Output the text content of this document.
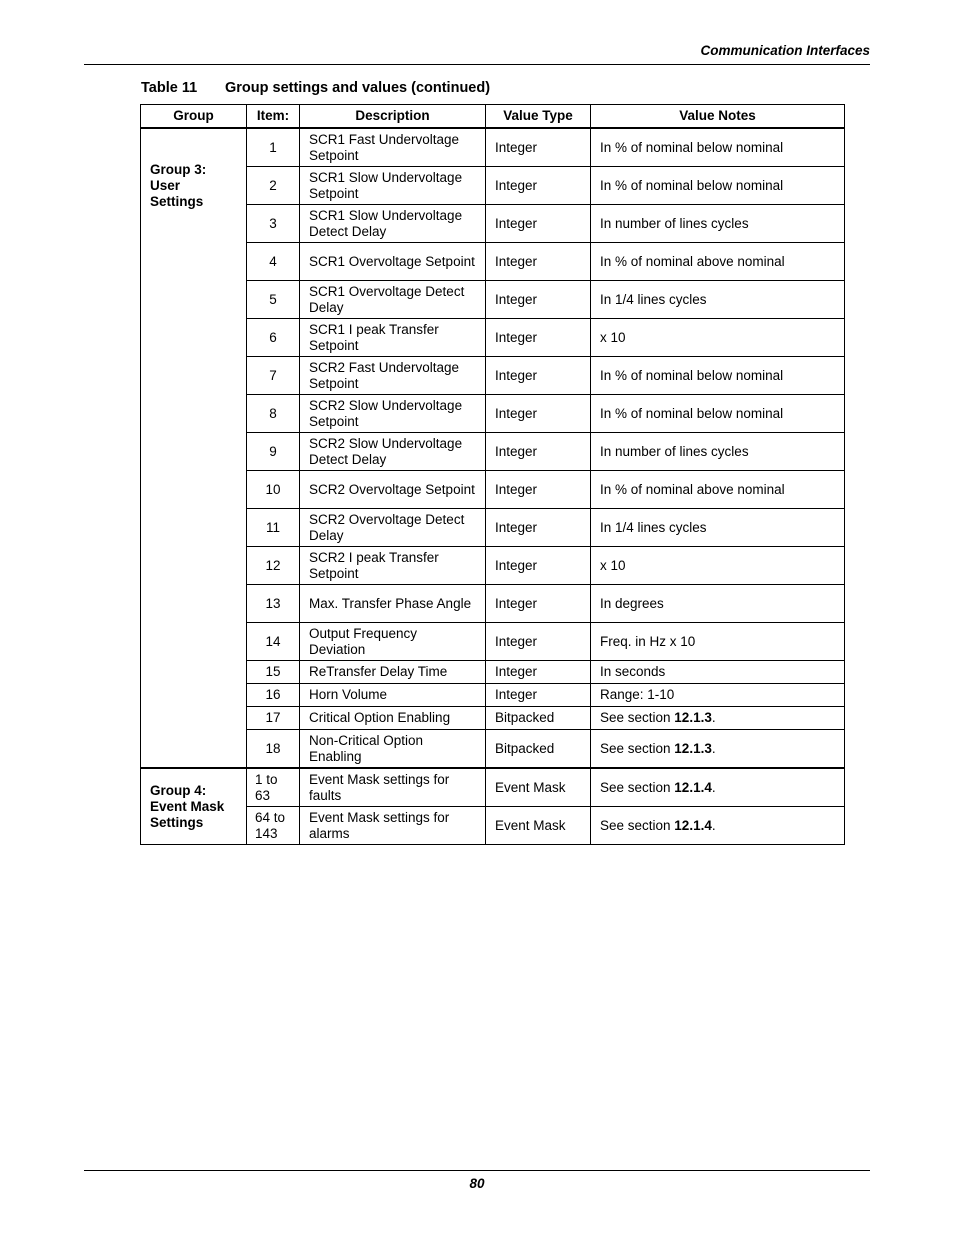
Communication Interfaces
Table 11 Group settings and values (continued)
Group	Item:	Description	Value Type	Value Notes
Group 3: User Settings	1	SCR1 Fast Undervoltage Setpoint	Integer	In % of nominal below nominal
	2	SCR1 Slow Undervoltage Setpoint	Integer	In % of nominal below nominal
	3	SCR1 Slow Undervoltage Detect Delay	Integer	In number of lines cycles
	4	SCR1 Overvoltage Setpoint	Integer	In % of nominal above nominal
	5	SCR1 Overvoltage Detect Delay	Integer	In 1/4 lines cycles
	6	SCR1 I peak Transfer Setpoint	Integer	x 10
	7	SCR2 Fast Undervoltage Setpoint	Integer	In % of nominal below nominal
	8	SCR2 Slow Undervoltage Setpoint	Integer	In % of nominal below nominal
	9	SCR2 Slow Undervoltage Detect Delay	Integer	In number of lines cycles
	10	SCR2 Overvoltage Setpoint	Integer	In % of nominal above nominal
	11	SCR2 Overvoltage Detect Delay	Integer	In 1/4 lines cycles
	12	SCR2 I peak Transfer Setpoint	Integer	x 10
	13	Max. Transfer Phase Angle	Integer	In degrees
	14	Output Frequency Deviation	Integer	Freq. in Hz x 10
	15	ReTransfer Delay Time	Integer	In seconds
	16	Horn Volume	Integer	Range: 1-10
	17	Critical Option Enabling	Bitpacked	See section 12.1.3.
	18	Non-Critical Option Enabling	Bitpacked	See section 12.1.3.
Group 4: Event Mask Settings	1 to 63	Event Mask settings for faults	Event Mask	See section 12.1.4.
	64 to 143	Event Mask settings for alarms	Event Mask	See section 12.1.4.
80
